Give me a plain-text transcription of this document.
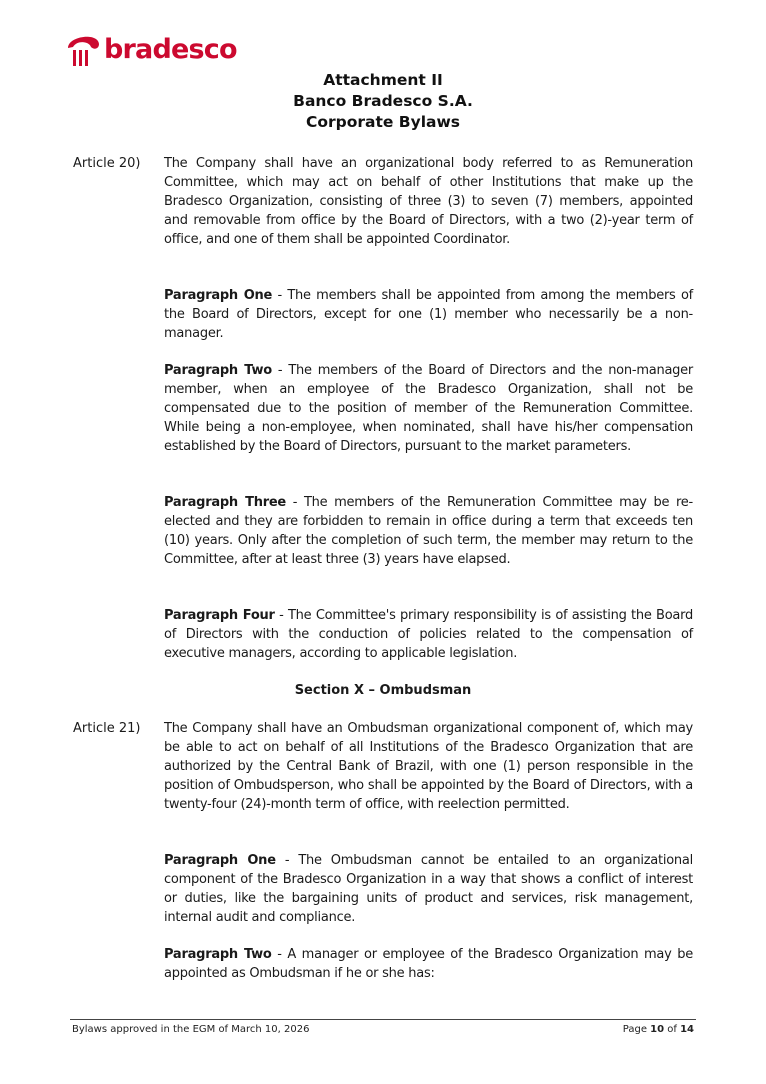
bradesco
Attachment II
Banco Bradesco S.A.
Corporate Bylaws
Article 20) The Company shall have an organizational body referred to as Remuneration Committee, which may act on behalf of other Institutions that make up the Bradesco Organization, consisting of three (3) to seven (7) members, appointed and removable from office by the Board of Directors, with a two (2)-year term of office, and one of them shall be appointed Coordinator.

Paragraph One - The members shall be appointed from among the members of the Board of Directors, except for one (1) member who necessarily be a non-manager.

Paragraph Two - The members of the Board of Directors and the non-manager member, when an employee of the Bradesco Organization, shall not be compensated due to the position of member of the Remuneration Committee. While being a non-employee, when nominated, shall have his/her compensation established by the Board of Directors, pursuant to the market parameters.

Paragraph Three - The members of the Remuneration Committee may be re-elected and they are forbidden to remain in office during a term that exceeds ten (10) years. Only after the completion of such term, the member may return to the Committee, after at least three (3) years have elapsed.

Paragraph Four - The Committee's primary responsibility is of assisting the Board of Directors with the conduction of policies related to the compensation of executive managers, according to applicable legislation.

Section X – Ombudsman
Article 21) The Company shall have an Ombudsman organizational component of, which may be able to act on behalf of all Institutions of the Bradesco Organization that are authorized by the Central Bank of Brazil, with one (1) person responsible in the position of Ombudsperson, who shall be appointed by the Board of Directors, with a twenty-four (24)-month term of office, with reelection permitted.

Paragraph One - The Ombudsman cannot be entailed to an organizational component of the Bradesco Organization in a way that shows a conflict of interest or duties, like the bargaining units of product and services, risk management, internal audit and compliance.

Paragraph Two - A manager or employee of the Bradesco Organization may be appointed as Ombudsman if he or she has:

Bylaws approved in the EGM of March 10, 2026	Page 10 of 14
